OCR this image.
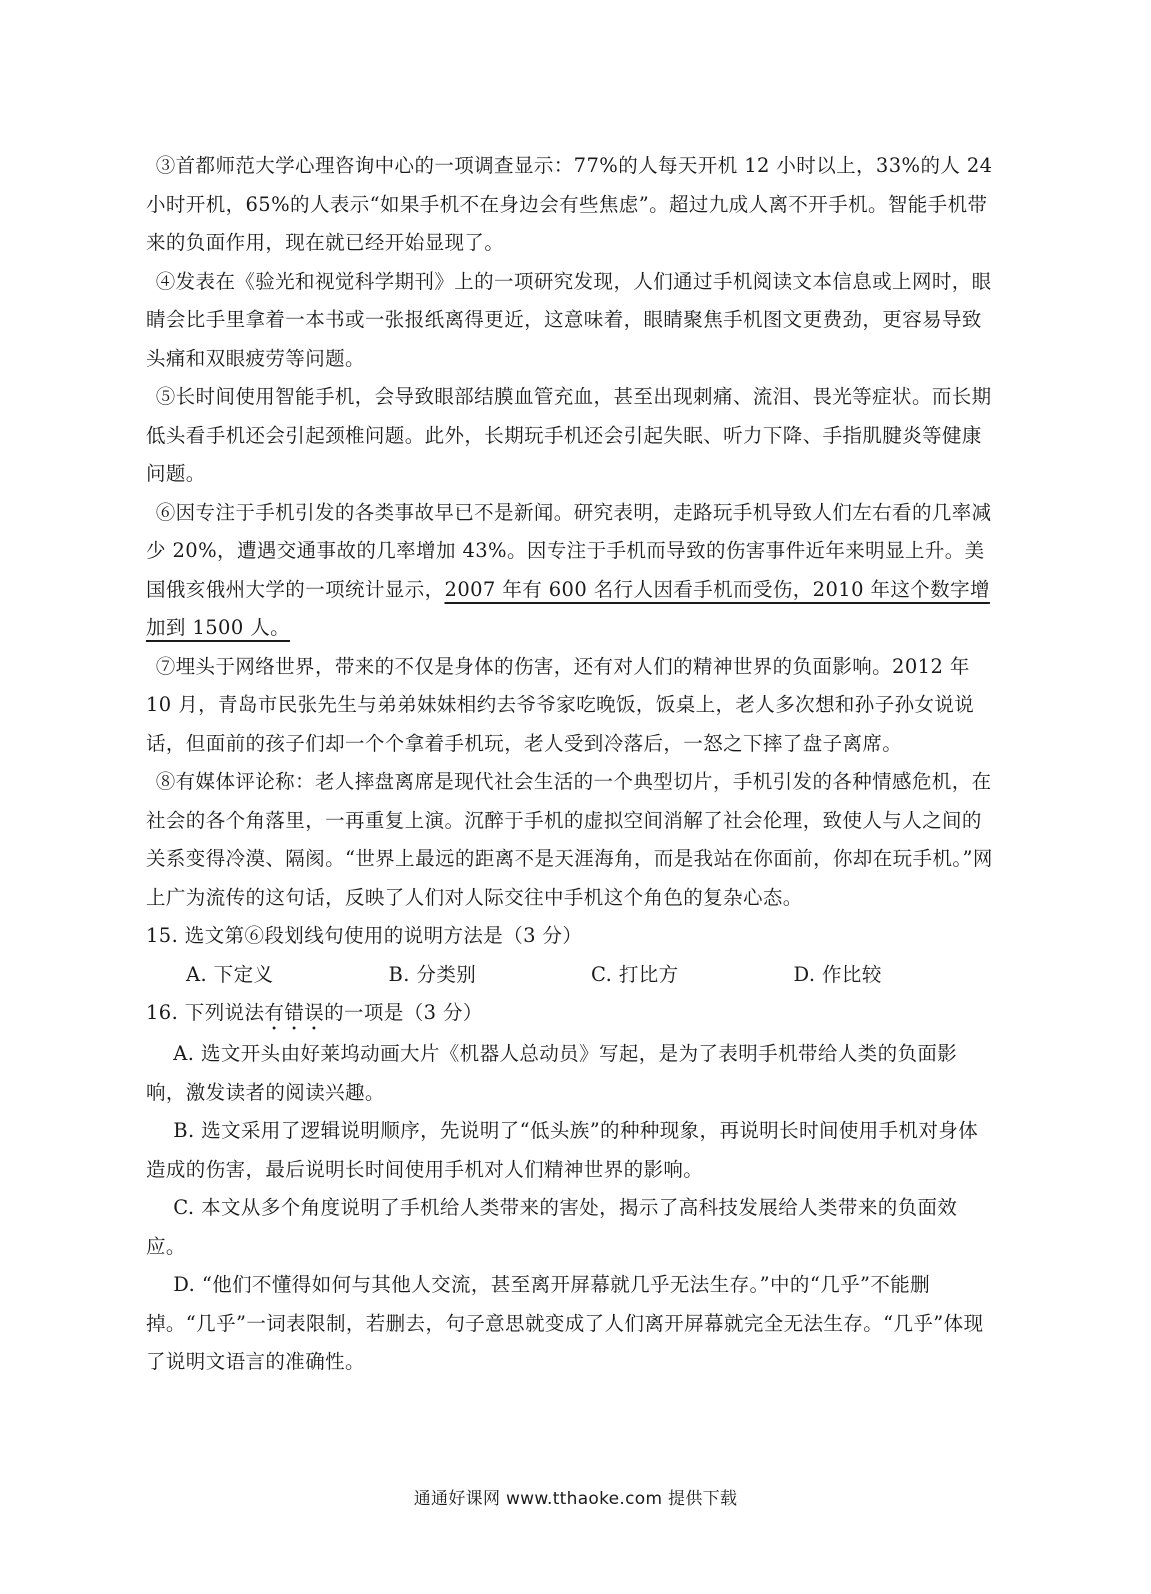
③首都师范大学心理咨询中心的一项调查显示：77%的人每天开机 12 小时以上，33%的人 24 小时开机，65%的人表示“如果手机不在身边会有些焦虑”。超过九成人离不开手机。智能手机带来的负面作用，现在就已经开始显现了。

④发表在《验光和视觉科学期刊》上的一项研究发现，人们通过手机阅读文本信息或上网时，眼睛会比手里拿着一本书或一张报纸离得更近，这意味着，眼睛聚焦手机图文更费劲，更容易导致头痛和双眼疲劳等问题。

⑤长时间使用智能手机，会导致眼部结膜血管充血，甚至出现刺痛、流泪、畏光等症状。而长期低头看手机还会引起颈椎问题。此外，长期玩手机还会引起失眠、听力下降、手指肌腱炎等健康问题。

⑥因专注于手机引发的各类事故早已不是新闻。研究表明，走路玩手机导致人们左右看的几率减少 20%，遭遇交通事故的几率增加 43%。因专注于手机而导致的伤害事件近年来明显上升。美国俄亥俄州大学的一项统计显示，2007 年有 600 名行人因看手机而受伤，2010 年这个数字增加到 1500 人。

⑦埋头于网络世界，带来的不仅是身体的伤害，还有对人们的精神世界的负面影响。2012 年 10 月，青岛市民张先生与弟弟妹妹相约去爷爷家吃晚饭，饭桌上，老人多次想和孙子孙女说说话，但面前的孩子们却一个个拿着手机玩，老人受到冷落后，一怒之下摔了盘子离席。

⑧有媒体评论称：老人摔盘离席是现代社会生活的一个典型切片，手机引发的各种情感危机，在社会的各个角落里，一再重复上演。沉醉于手机的虚拟空间消解了社会伦理，致使人与人之间的关系变得冷漠、隔阂。“世界上最远的距离不是天涯海角，而是我站在你面前，你却在玩手机。”网上广为流传的这句话，反映了人们对人际交往中手机这个角色的复杂心态。

15. 选文第⑥段划线句使用的说明方法是（3 分）

A. 下定义	B. 分类别	C. 打比方	D. 作比较

16. 下列说法有错误的一项是（3 分）

A. 选文开头由好莱坞动画大片《机器人总动员》写起，是为了表明手机带给人类的负面影响，激发读者的阅读兴趣。

B. 选文采用了逻辑说明顺序，先说明了“低头族”的种种现象，再说明长时间使用手机对身体造成的伤害，最后说明长时间使用手机对人们精神世界的影响。

C. 本文从多个角度说明了手机给人类带来的害处，揭示了高科技发展给人类带来的负面效应。

D. “他们不懂得如何与其他人交流，甚至离开屏幕就几乎无法生存。”中的“几乎”不能删掉。“几乎”一词表限制，若删去，句子意思就变成了人们离开屏幕就完全无法生存。“几乎”体现了说明文语言的准确性。

通通好课网 www.tthaoke.com 提供下载
